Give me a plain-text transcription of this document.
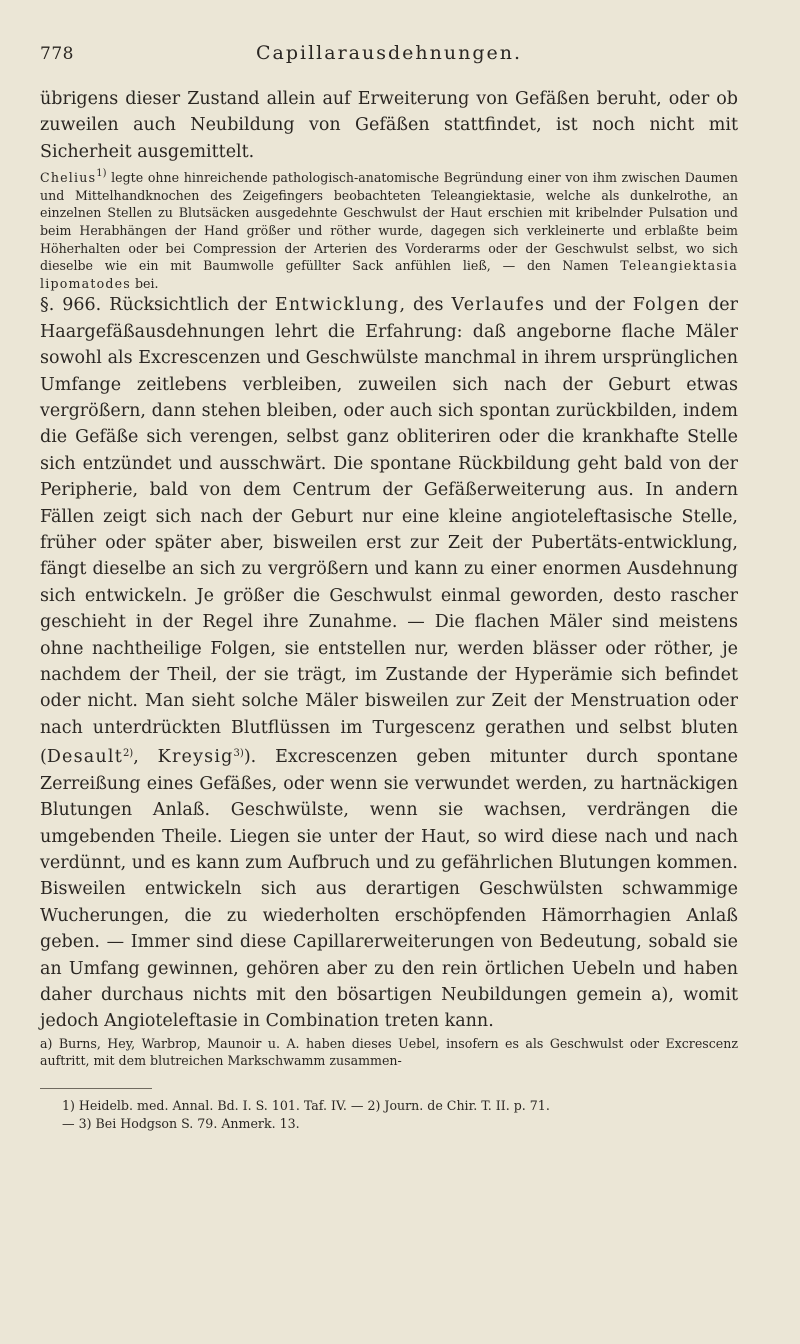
778	Capillarausdehnungen.

übrigens dieser Zustand allein auf Erweiterung von Gefäßen beruht, oder ob zuweilen auch Neubildung von Gefäßen stattfindet, ist noch nicht mit Sicherheit ausgemittelt.

Chelius$^{1)}$ legte ohne hinreichende pathologisch-anatomische Begründung einer von ihm zwischen Daumen und Mittelhandknochen des Zeigefingers beobachteten Teleangiektasie, welche als dunkelrothe, an einzelnen Stellen zu Blutsäcken ausgedehnte Geschwulst der Haut erschien mit kribelnder Pulsation und beim Herabhängen der Hand größer und röther wurde, dagegen sich verkleinerte und erblaßte beim Höherhalten oder bei Compression der Arterien des Vorderarms oder der Geschwulst selbst, wo sich dieselbe wie ein mit Baumwolle gefüllter Sack anfühlen ließ, — den Namen Teleangiektasia lipomatodes bei.

§. 966. Rücksichtlich der Entwicklung, des Verlaufes und der Folgen der Haargefäßausdehnungen lehrt die Erfahrung: daß angeborne flache Mäler sowohl als Excrescenzen und Geschwülste manchmal in ihrem ursprünglichen Umfange zeitlebens verbleiben, zuweilen sich nach der Geburt etwas vergrößern, dann stehen bleiben, oder auch sich spontan zurückbilden, indem die Gefäße sich verengen, selbst ganz obliteriren oder die krankhafte Stelle sich entzündet und ausschwärt. Die spontane Rückbildung geht bald von der Peripherie, bald von dem Centrum der Gefäßerweiterung aus. In andern Fällen zeigt sich nach der Geburt nur eine kleine angioteleftasische Stelle, früher oder später aber, bisweilen erst zur Zeit der Pubertäts-entwicklung, fängt dieselbe an sich zu vergrößern und kann zu einer enormen Ausdehnung sich entwickeln. Je größer die Geschwulst einmal geworden, desto rascher geschieht in der Regel ihre Zunahme. — Die flachen Mäler sind meistens ohne nachtheilige Folgen, sie entstellen nur, werden blässer oder röther, je nachdem der Theil, der sie trägt, im Zustande der Hyperämie sich befindet oder nicht. Man sieht solche Mäler bisweilen zur Zeit der Menstruation oder nach unterdrückten Blutflüssen im Turgescenz gerathen und selbst bluten (Desault$^{2)}$, Kreysig$^{3)}$). Excrescenzen geben mitunter durch spontane Zerreißung eines Gefäßes, oder wenn sie verwundet werden, zu hartnäckigen Blutungen Anlaß. Geschwülste, wenn sie wachsen, verdrängen die umgebenden Theile. Liegen sie unter der Haut, so wird diese nach und nach verdünnt, und es kann zum Aufbruch und zu gefährlichen Blutungen kommen. Bisweilen entwickeln sich aus derartigen Geschwülsten schwammige Wucherungen, die zu wiederholten erschöpfenden Hämorrhagien Anlaß geben. — Immer sind diese Capillarerweiterungen von Bedeutung, sobald sie an Umfang gewinnen, gehören aber zu den rein örtlichen Uebeln und haben daher durchaus nichts mit den bösartigen Neubildungen gemein a), womit jedoch Angioteleftasie in Combination treten kann.

a) Burns, Hey, Warbrop, Maunoir u. A. haben dieses Uebel, insofern es als Geschwulst oder Excrescenz auftritt, mit dem blutreichen Markschwamm zusammen-

1) Heidelb. med. Annal. Bd. I. S. 101. Taf. IV. — 2) Journ. de Chir. T. II. p. 71.
— 3) Bei Hodgson S. 79. Anmerk. 13.
